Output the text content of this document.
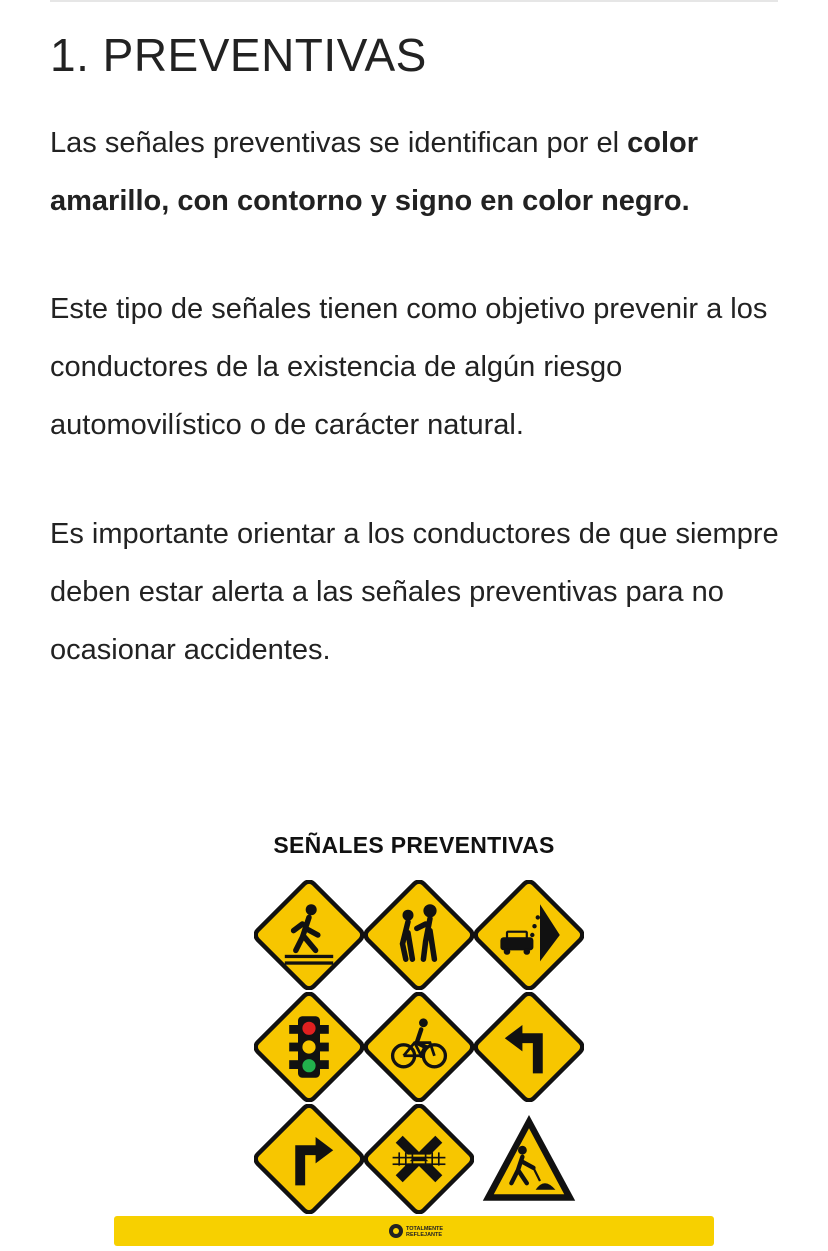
1. PREVENTIVAS

Las señales preventivas se identifican por el color amarillo, con contorno y signo en color negro.

Este tipo de señales tienen como objetivo prevenir a los conductores de la existencia de algún riesgo automovilístico o de carácter natural.

Es importante orientar a los conductores de que siempre deben estar alerta a las señales preventivas para no ocasionar accidentes.

SEÑALES PREVENTIVAS
TOTALMENTE
REFLEJANTE
